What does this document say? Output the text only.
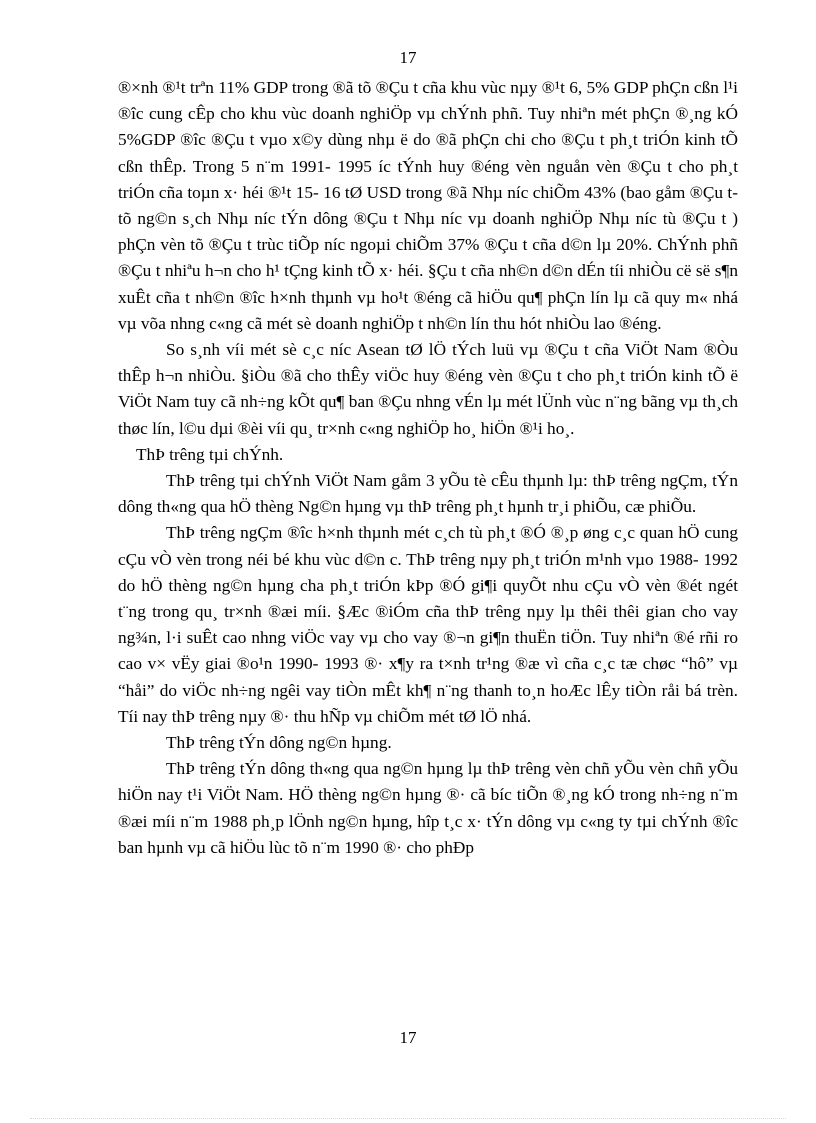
17

®×nh ®¹t trªn 11% GDP trong ®ã tõ ®Çu t cña khu vùc nµy ®¹t 6, 5% GDP phÇn cßn l¹i ®îc cung cÊp cho khu vùc doanh nghiÖp vµ chÝnh phñ. Tuy nhiªn mét phÇn ®¸ng kÓ 5%GDP ®îc ®Çu t vµo x©y dùng nhµ ë do ®ã phÇn chi cho ®Çu t ph¸t triÓn kinh tÕ cßn thÊp. Trong 5 n¨m 1991- 1995 íc tÝnh huy ®éng vèn nguån vèn ®Çu t cho ph¸t triÓn cña toµn x· héi ®¹t 15- 16 tØ USD trong ®ã Nhµ níc chiÕm 43% (bao gåm ®Çu t tõ ng©n s¸ch Nhµ níc tÝn dông ®Çu t Nhµ níc vµ doanh nghiÖp Nhµ níc tù ®Çu t ) phÇn vèn tõ ®Çu t trùc tiÕp níc ngoµi chiÕm 37% ®Çu t cña d©n lµ 20%. ChÝnh phñ ®Çu t nhiªu h¬n cho h¹ tÇng kinh tÕ x· héi. §Çu t cña nh©n d©n dÉn tíi nhiÒu cë së s¶n xuÊt cña t nh©n ®îc h×nh thµnh vµ ho¹t ®éng cã hiÖu qu¶ phÇn lín lµ cã quy m« nhá vµ võa nhng c«ng cã mét sè doanh nghiÖp t nh©n lín thu hót nhiÒu lao ®éng.

So s¸nh víi mét sè c¸c níc Asean tØ lÖ tÝch luü vµ ®Çu t cña ViÖt Nam ®Òu thÊp h¬n nhiÒu. §iÒu ®ã cho thÊy viÖc huy ®éng vèn ®Çu t cho ph¸t triÓn kinh tÕ ë ViÖt Nam tuy cã nh÷ng kÕt qu¶ ban ®Çu nhng vÉn lµ mét lÜnh vùc n¨ng bãng vµ th¸ch thøc lín, l©u dµi ®èi víi qu¸ tr×nh c«ng nghiÖp ho¸ hiÖn ®¹i ho¸.

ThÞ trêng tµi chÝnh.

ThÞ trêng tµi chÝnh ViÖt Nam gåm 3 yÕu tè cÊu thµnh lµ: thÞ trêng ngÇm, tÝn dông th«ng qua hÖ thèng Ng©n hµng vµ thÞ trêng ph¸t hµnh tr¸i phiÕu, cæ phiÕu.

ThÞ trêng ngÇm ®îc h×nh thµnh mét c¸ch tù ph¸t ®Ó ®¸p øng c¸c quan hÖ cung cÇu vÒ vèn trong néi bé khu vùc d©n c. ThÞ trêng nµy ph¸t triÓn m¹nh vµo 1988- 1992 do hÖ thèng ng©n hµng cha ph¸t triÓn kÞp ®Ó gi¶i quyÕt nhu cÇu vÒ vèn ®ét ngét t¨ng trong qu¸ tr×nh ®æi míi. §Æc ®iÓm cña thÞ trêng nµy lµ thêi thêi gian cho vay ng¾n, l·i suÊt cao nhng viÖc vay vµ cho vay ®¬n gi¶n thuËn tiÖn. Tuy nhiªn ®é rñi ro cao v× vËy giai ®o¹n 1990- 1993 ®· x¶y ra t×nh tr¹ng ®æ vì cña c¸c tæ chøc “hô” vµ “håi” do viÖc nh÷ng ngêi vay tiÒn mÊt kh¶ n¨ng thanh to¸n hoÆc lÊy tiÒn råi bá trèn. Tíi nay thÞ trêng nµy ®· thu hÑp vµ chiÕm mét tØ lÖ nhá.

ThÞ trêng tÝn dông ng©n hµng.

ThÞ trêng tÝn dông th«ng qua ng©n hµng lµ thÞ trêng vèn chñ yÕu vèn chñ yÕu hiÖn nay t¹i ViÖt Nam. HÖ thèng ng©n hµng ®· cã bíc tiÕn ®¸ng kÓ trong nh÷ng n¨m ®æi míi n¨m 1988 ph¸p lÖnh ng©n hµng, hîp t¸c x· tÝn dông vµ c«ng ty tµi chÝnh ®îc ban hµnh vµ cã hiÖu lùc tõ n¨m 1990 ®· cho phÐp

17
